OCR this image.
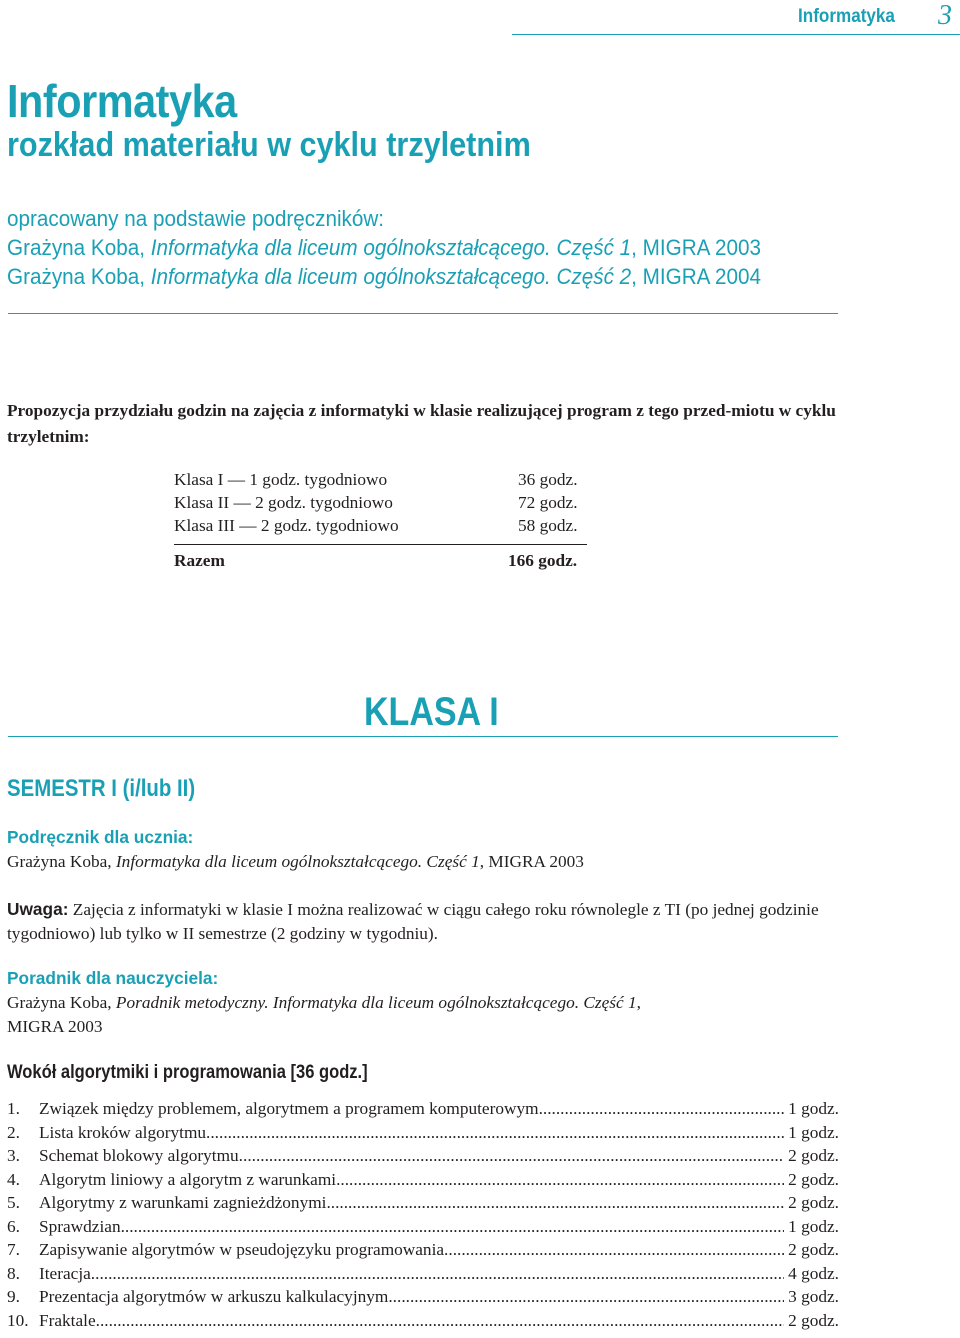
Informatyka 3
Informatyka
rozkład materiału w cyklu trzyletnim
opracowany na podstawie podręczników:
Grażyna Koba, Informatyka dla liceum ogólnokształcącego. Część 1, MIGRA 2003
Grażyna Koba, Informatyka dla liceum ogólnokształcącego. Część 2, MIGRA 2004
Propozycja przydziału godzin na zajęcia z informatyki w klasie realizującej program z tego przed-miotu w cyklu trzyletnim:
Klasa I — 1 godz. tygodniowo	36 godz.
Klasa II — 2 godz. tygodniowo	72 godz.
Klasa III — 2 godz. tygodniowo	58 godz.
Razem	166 godz.
KLASA I
SEMESTR I (i/lub II)
Podręcznik dla ucznia:
Grażyna Koba, Informatyka dla liceum ogólnokształcącego. Część 1, MIGRA 2003
Uwaga: Zajęcia z informatyki w klasie I można realizować w ciągu całego roku równolegle z TI (po jednej godzinie tygodniowo) lub tylko w II semestrze (2 godziny w tygodniu).
Poradnik dla nauczyciela:
Grażyna Koba, Poradnik metodyczny. Informatyka dla liceum ogólnokształcącego. Część 1,
MIGRA 2003
Wokół algorytmiki i programowania [36 godz.]
1.	Związek między problemem, algorytmem a programem komputerowym .....	1 godz.
2.	Lista kroków algorytmu .....	1 godz.
3.	Schemat blokowy algorytmu .....	2 godz.
4.	Algorytm liniowy a algorytm z warunkami .....	2 godz.
5.	Algorytmy z warunkami zagnieżdżonymi .....	2 godz.
6.	Sprawdzian .....	1 godz.
7.	Zapisywanie algorytmów w pseudojęzyku programowania .....	2 godz.
8.	Iteracja .....	4 godz.
9.	Prezentacja algorytmów w arkuszu kalkulacyjnym .....	3 godz.
10. Fraktale .....	2 godz.
